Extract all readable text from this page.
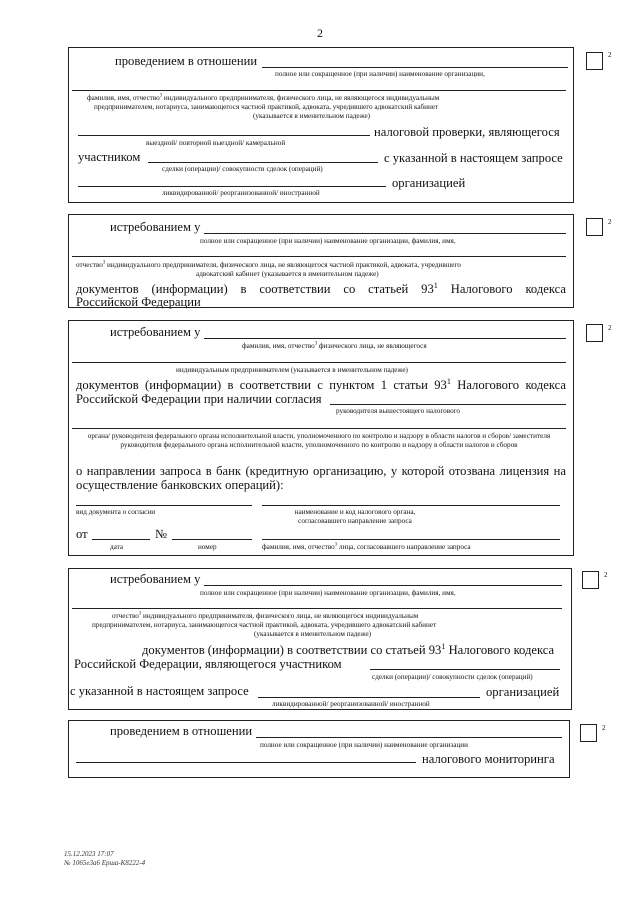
2
проведением в отношении
полное или сокращенное (при наличии) наименование организации,
фамилия, имя, отчество$^3$ индивидуального предпринимателя, физического лица, не являющегося индивидуальным
предпринимателем, нотариуса, занимающегося частной практикой, адвоката, учредившего адвокатский кабинет
(указывается в именительном падеже)
налоговой проверки, являющегося
выездной/ повторной выездной/ камеральной
участником	с указанной в настоящем запросе
сделки (операции)/ совокупности сделок (операций)
организацией
ликвидированной/ реорганизованной/ иностранной
2
истребованием у
полное или сокращенное (при наличии) наименование организации, фамилия, имя,
отчество$^3$ индивидуального предпринимателя, физического лица, не являющегося частной практикой, адвоката, учредившего
адвокатский кабинет (указывается в именительном падеже)
документов (информации) в соответствии со статьей $93^1$ Налогового кодекса
Российской Федерации
2
истребованием у
фамилия, имя, отчество$^3$ физического лица, не являющегося
индивидуальным предпринимателем (указывается в именительном падеже)
документов (информации) в соответствии с пунктом 1 статьи $93^1$ Налогового кодекса
Российской Федерации при наличии согласия
руководителя вышестоящего налогового
органа/ руководителя федерального органа исполнительной власти, уполномоченного по контролю и надзору в области налогов и сборов/ заместителя руководителя федерального органа исполнительной власти, уполномоченного по контролю и надзору в области налогов и сборов
о направлении запроса в банк (кредитную организацию, у которой отозвана лицензия на
осуществление банковских операций):
вид документа о согласии	наименование и код налогового органа, согласовавшего направление запроса
от	№
дата	номер	фамилия, имя, отчество$^3$ лица, согласовавшего направление запроса
2
истребованием у
полное или сокращенное (при наличии) наименование организации, фамилия, имя,
отчество$^3$ индивидуального предпринимателя, физического лица, не являющегося индивидуальным
предпринимателем, нотариуса, занимающегося частной практикой, адвоката, учредившего адвокатский кабинет
(указывается в именительном падеже)
документов (информации) в соответствии со статьей $93^1$ Налогового кодекса
Российской Федерации, являющегося участником
сделки (операции)/ совокупности сделок (операций)
с указанной в настоящем запросе	организацией
ликвидированной/ реорганизованной/ иностранной
2
проведением в отношении
полное или сокращенное (при наличии) наименование организации
налогового мониторинга
2
15.12.2023 17:07
№ 1065e3a6 Ерша-К8222-4
